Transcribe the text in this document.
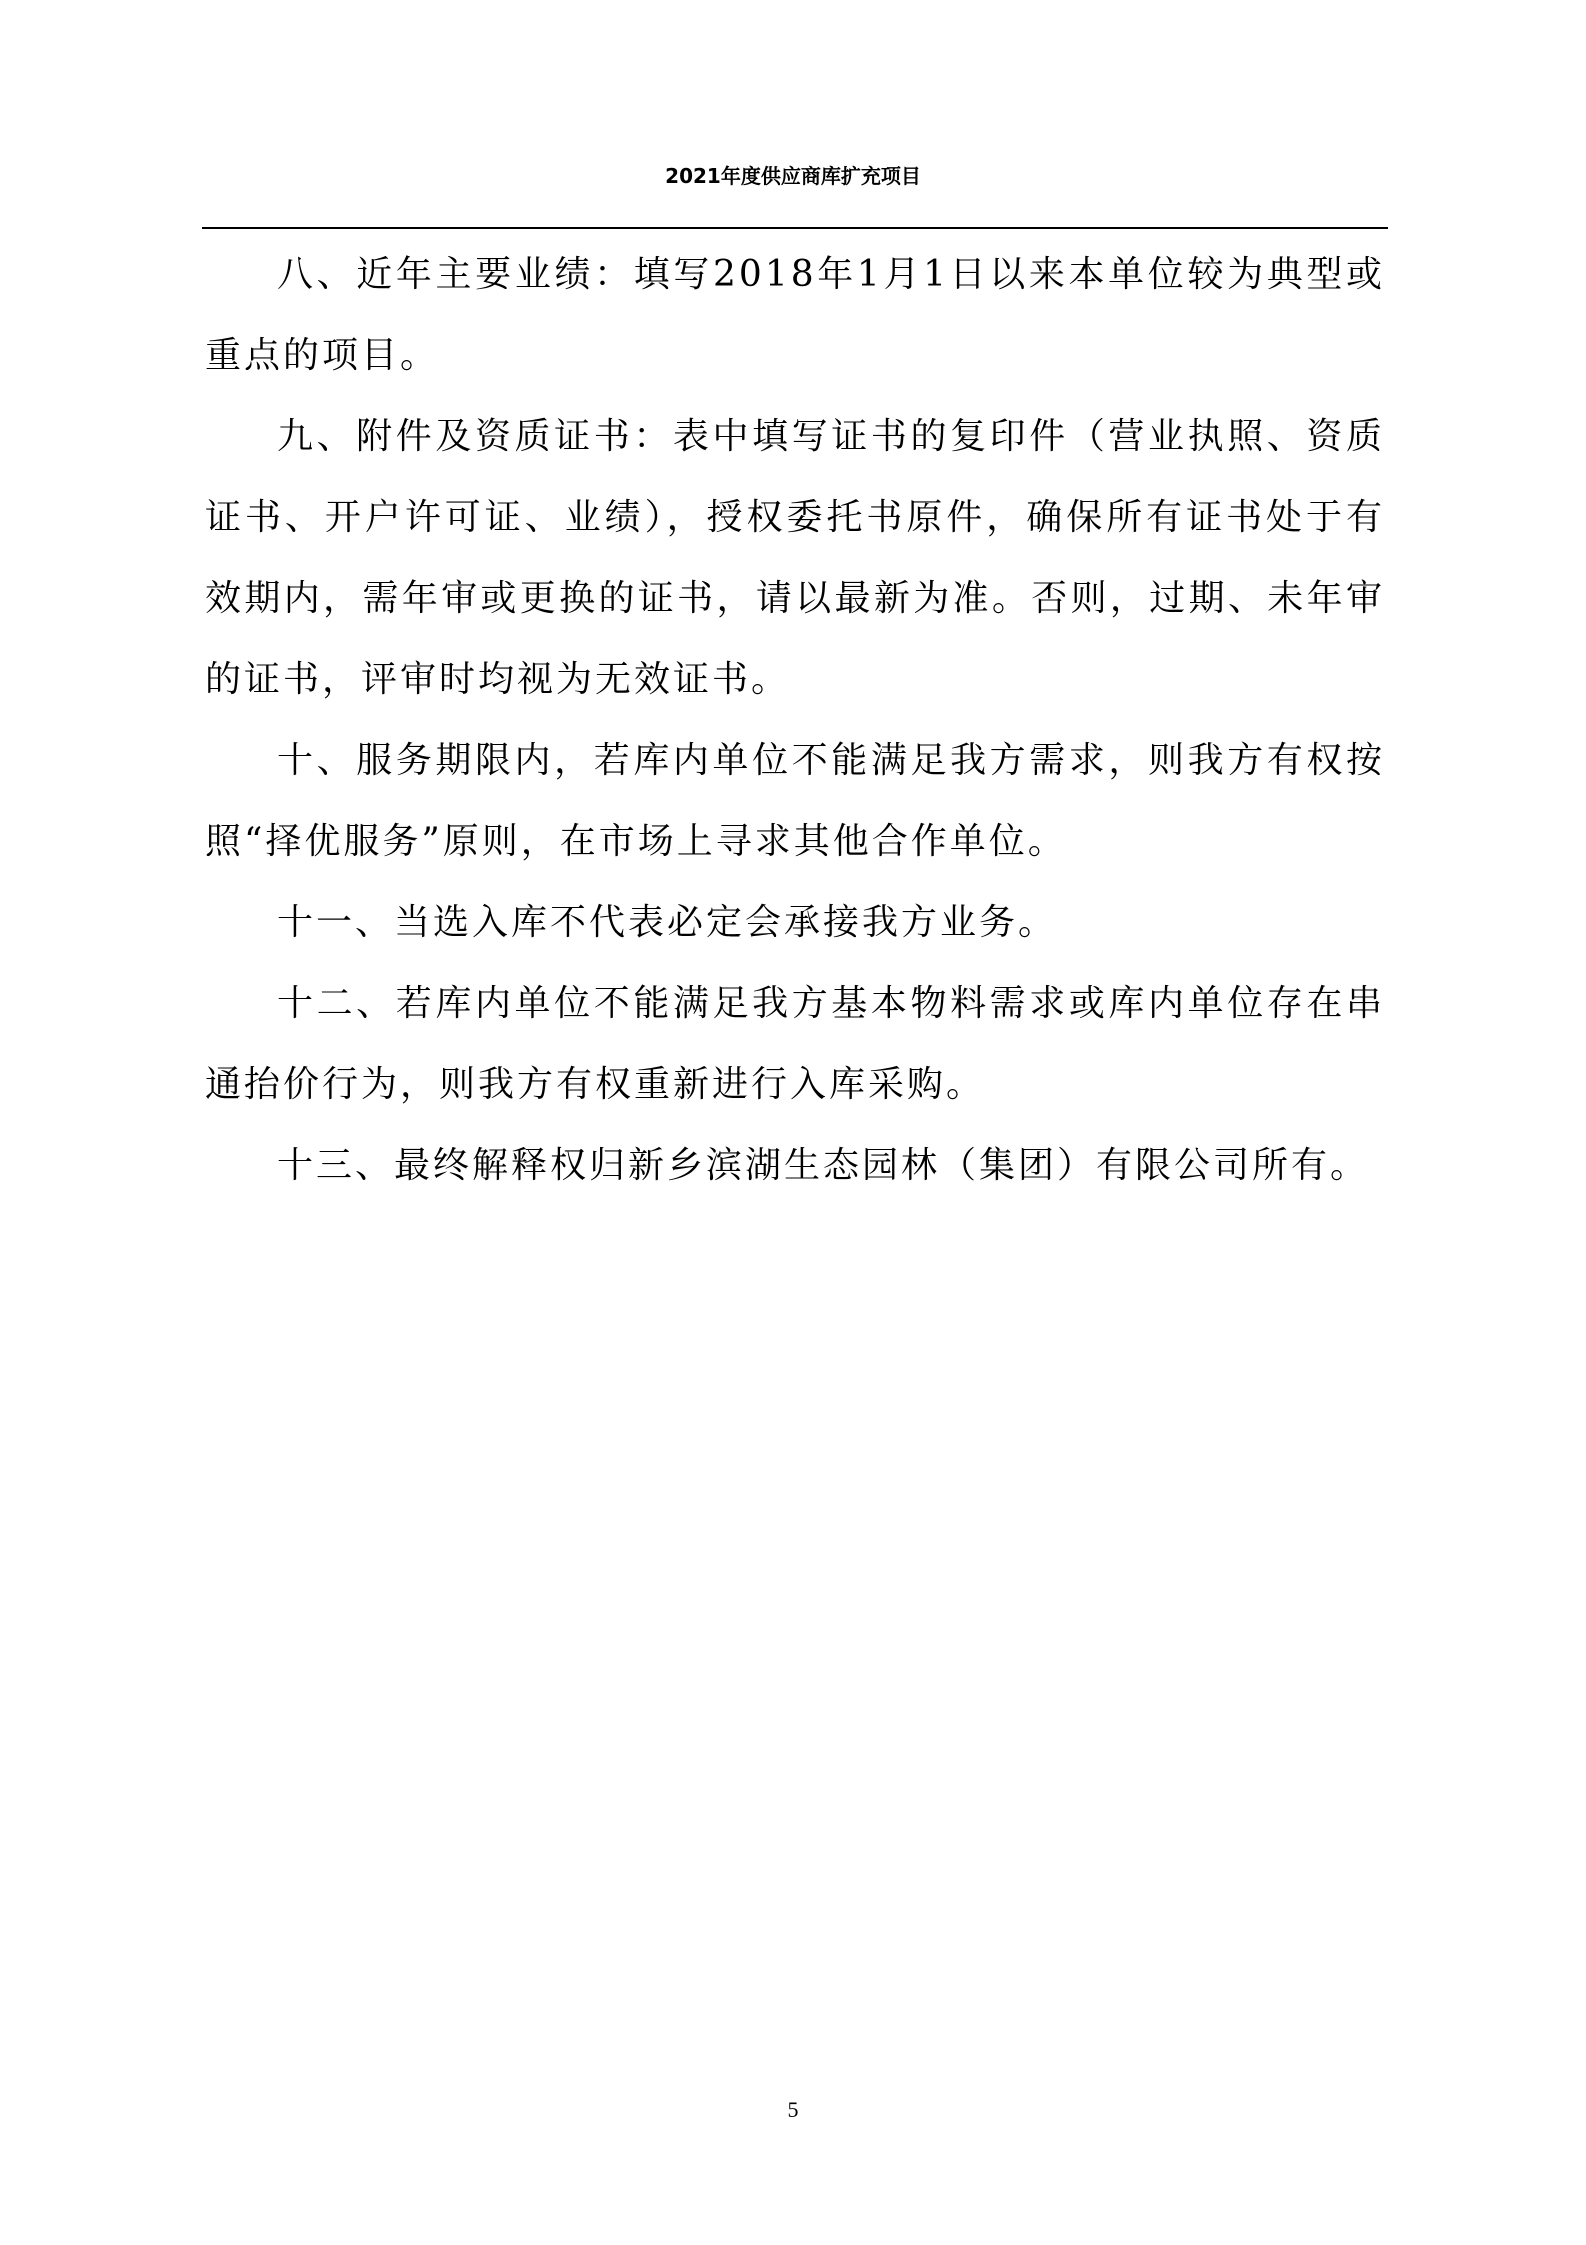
2021年度供应商库扩充项目

八、近年主要业绩：填写2018年1月1日以来本单位较为典型或重点的项目。

九、附件及资质证书：表中填写证书的复印件（营业执照、资质证书、开户许可证、业绩），授权委托书原件，确保所有证书处于有效期内，需年审或更换的证书，请以最新为准。否则，过期、未年审的证书，评审时均视为无效证书。

十、服务期限内，若库内单位不能满足我方需求，则我方有权按照“择优服务”原则，在市场上寻求其他合作单位。

十一、当选入库不代表必定会承接我方业务。

十二、若库内单位不能满足我方基本物料需求或库内单位存在串通抬价行为，则我方有权重新进行入库采购。

十三、最终解释权归新乡滨湖生态园林（集团）有限公司所有。

5
